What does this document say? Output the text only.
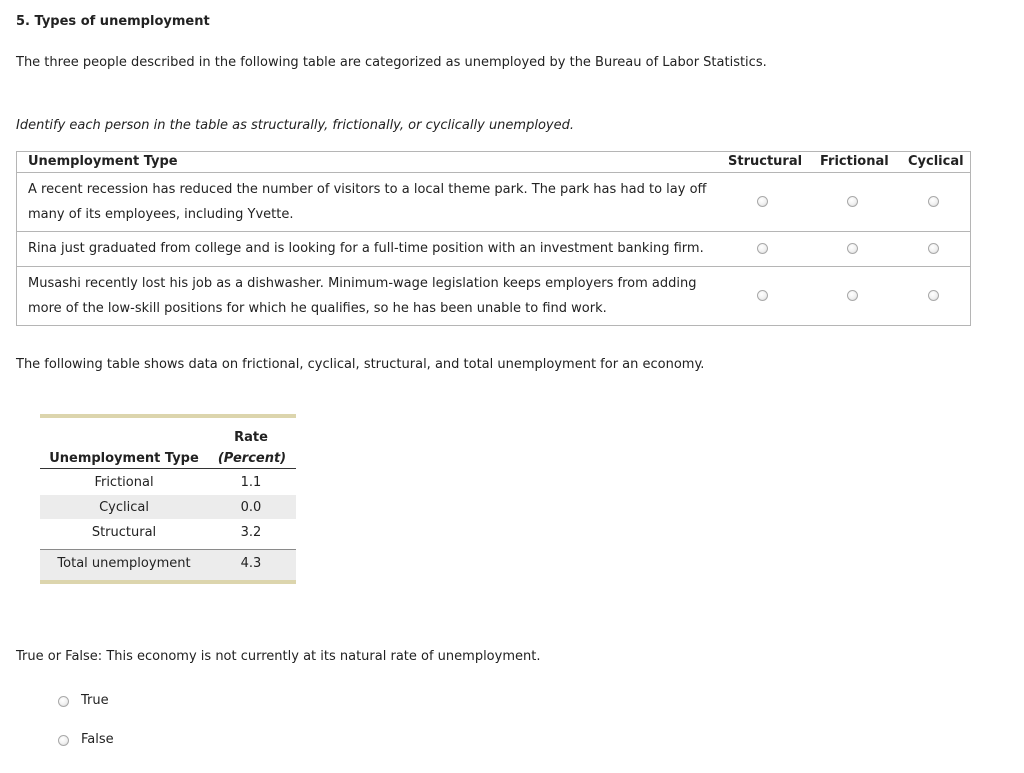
5. Types of unemployment
The three people described in the following table are categorized as unemployed by the Bureau of Labor Statistics.
Identify each person in the table as structurally, frictionally, or cyclically unemployed.
Unemployment Type	Structural Frictional Cyclical
A recent recession has reduced the number of visitors to a local theme park. The park has had to lay off
many of its employees, including Yvette.
Rina just graduated from college and is looking for a full-time position with an investment banking firm.
Musashi recently lost his job as a dishwasher. Minimum-wage legislation keeps employers from adding
more of the low-skill positions for which he qualifies, so he has been unable to find work.
The following table shows data on frictional, cyclical, structural, and total unemployment for an economy.
Rate
Unemployment Type	(Percent)
Frictional	1.1
Cyclical	0.0
Structural	3.2
Total unemployment	4.3
True or False: This economy is not currently at its natural rate of unemployment.
True
False
